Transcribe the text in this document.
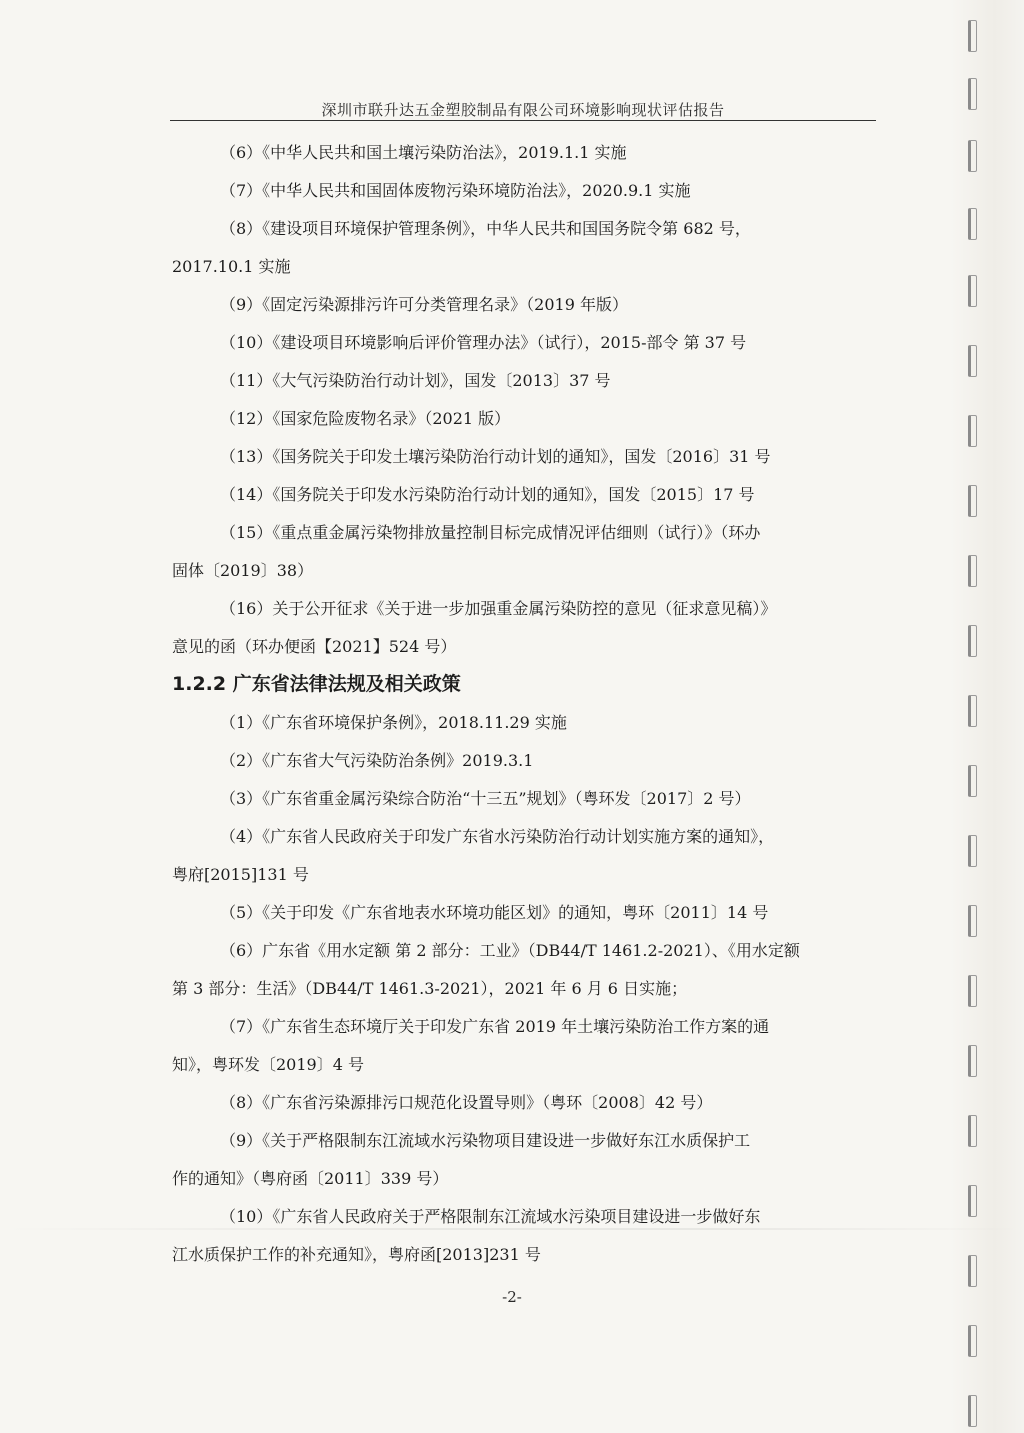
深圳市联升达五金塑胶制品有限公司环境影响现状评估报告

（6）《中华人民共和国土壤污染防治法》，2019.1.1 实施

（7）《中华人民共和国固体废物污染环境防治法》，2020.9.1 实施

（8）《建设项目环境保护管理条例》，中华人民共和国国务院令第 682 号，

2017.10.1 实施

（9）《固定污染源排污许可分类管理名录》（2019 年版）

（10）《建设项目环境影响后评价管理办法》（试行），2015-部令 第 37 号

（11）《大气污染防治行动计划》，国发〔2013〕37 号

（12）《国家危险废物名录》（2021 版）

（13）《国务院关于印发土壤污染防治行动计划的通知》，国发〔2016〕31 号

（14）《国务院关于印发水污染防治行动计划的通知》，国发〔2015〕17 号

（15）《重点重金属污染物排放量控制目标完成情况评估细则（试行）》（环办

固体〔2019〕38）

（16）关于公开征求《关于进一步加强重金属污染防控的意见（征求意见稿）》

意见的函（环办便函【2021】524 号）

1.2.2 广东省法律法规及相关政策

（1）《广东省环境保护条例》，2018.11.29 实施

（2）《广东省大气污染防治条例》2019.3.1

（3）《广东省重金属污染综合防治“十三五”规划》（粤环发〔2017〕2 号）

（4）《广东省人民政府关于印发广东省水污染防治行动计划实施方案的通知》，

粤府[2015]131 号

（5）《关于印发《广东省地表水环境功能区划》的通知，粤环〔2011〕14 号

（6）广东省《用水定额 第 2 部分：工业》（DB44/T 1461.2-2021）、《用水定额

第 3 部分：生活》（DB44/T 1461.3-2021），2021 年 6 月 6 日实施；

（7）《广东省生态环境厅关于印发广东省 2019 年土壤污染防治工作方案的通

知》，粤环发〔2019〕4 号

（8）《广东省污染源排污口规范化设置导则》（粤环〔2008〕42 号）

（9）《关于严格限制东江流域水污染物项目建设进一步做好东江水质保护工

作的通知》（粤府函〔2011〕339 号）

（10）《广东省人民政府关于严格限制东江流域水污染项目建设进一步做好东

江水质保护工作的补充通知》，粤府函[2013]231 号

-2-
